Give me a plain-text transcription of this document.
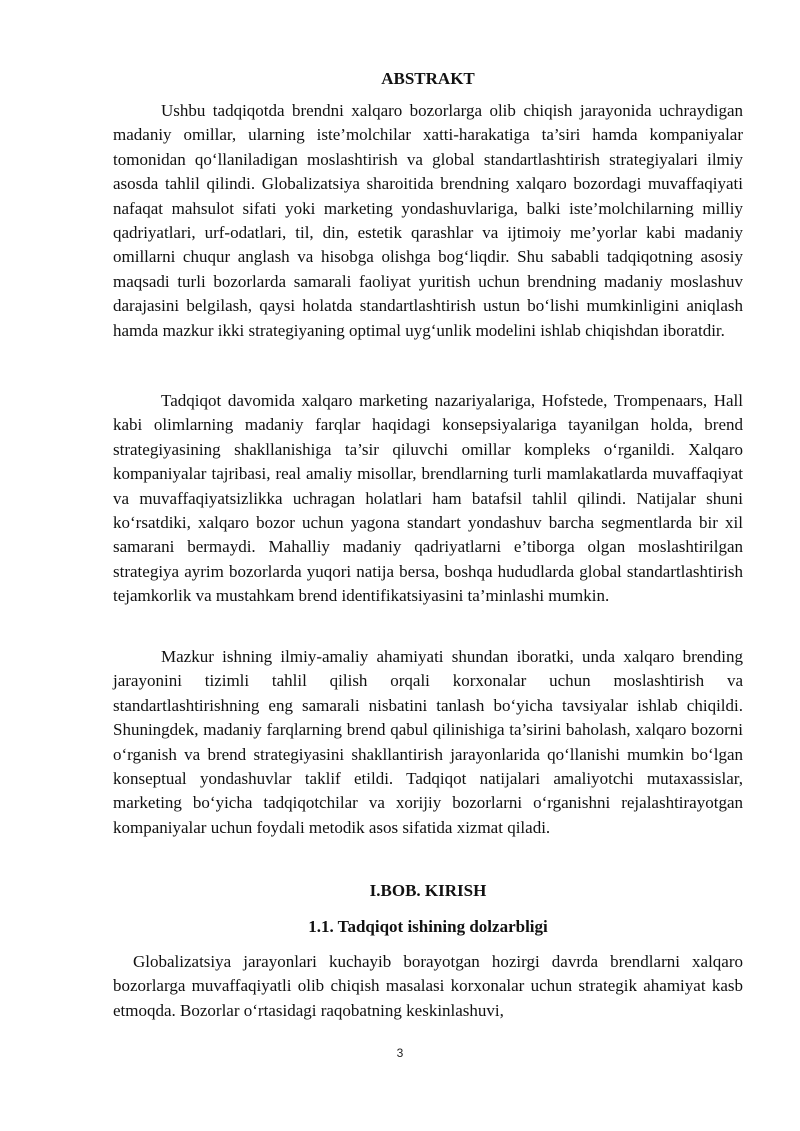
ABSTRAKT

Ushbu tadqiqotda brendni xalqaro bozorlarga olib chiqish jarayonida uchraydigan madaniy omillar, ularning iste’molchilar xatti-harakatiga ta’siri hamda kompaniyalar tomonidan qo‘llaniladigan moslashtirish va global standartlashtirish strategiyalari ilmiy asosda tahlil qilindi. Globalizatsiya sharoitida brendning xalqaro bozordagi muvaffaqiyati nafaqat mahsulot sifati yoki marketing yondashuvlariga, balki iste’molchilarning milliy qadriyatlari, urf-odatlari, til, din, estetik qarashlar va ijtimoiy me’yorlar kabi madaniy omillarni chuqur anglash va hisobga olishga bog‘liqdir. Shu sababli tadqiqotning asosiy maqsadi turli bozorlarda samarali faoliyat yuritish uchun brendning madaniy moslashuv darajasini belgilash, qaysi holatda standartlashtirish ustun bo‘lishi mumkinligini aniqlash hamda mazkur ikki strategiyaning optimal uyg‘unlik modelini ishlab chiqishdan iboratdir.

Tadqiqot davomida xalqaro marketing nazariyalariga, Hofstede, Trompenaars, Hall kabi olimlarning madaniy farqlar haqidagi konsepsiyalariga tayanilgan holda, brend strategiyasining shakllanishiga ta’sir qiluvchi omillar kompleks o‘rganildi. Xalqaro kompaniyalar tajribasi, real amaliy misollar, brendlarning turli mamlakatlarda muvaffaqiyat va muvaffaqiyatsizlikka uchragan holatlari ham batafsil tahlil qilindi. Natijalar shuni ko‘rsatdiki, xalqaro bozor uchun yagona standart yondashuv barcha segmentlarda bir xil samarani bermaydi. Mahalliy madaniy qadriyatlarni e’tiborga olgan moslashtirilgan strategiya ayrim bozorlarda yuqori natija bersa, boshqa hududlarda global standartlashtirish tejamkorlik va mustahkam brend identifikatsiyasini ta’minlashi mumkin.

Mazkur ishning ilmiy-amaliy ahamiyati shundan iboratki, unda xalqaro brending jarayonini tizimli tahlil qilish orqali korxonalar uchun moslashtirish va standartlashtirishning eng samarali nisbatini tanlash bo‘yicha tavsiyalar ishlab chiqildi. Shuningdek, madaniy farqlarning brend qabul qilinishiga ta’sirini baholash, xalqaro bozorni o‘rganish va brend strategiyasini shakllantirish jarayonlarida qo‘llanishi mumkin bo‘lgan konseptual yondashuvlar taklif etildi. Tadqiqot natijalari amaliyotchi mutaxassislar, marketing bo‘yicha tadqiqotchilar va xorijiy bozorlarni o‘rganishni rejalashtirayotgan kompaniyalar uchun foydali metodik asos sifatida xizmat qiladi.

I.BOB. KIRISH
1.1. Tadqiqot ishining dolzarbligi

Globalizatsiya jarayonlari kuchayib borayotgan hozirgi davrda brendlarni xalqaro bozorlarga muvaffaqiyatli olib chiqish masalasi korxonalar uchun strategik ahamiyat kasb etmoqda. Bozorlar o‘rtasidagi raqobatning keskinlashuvi,

3
